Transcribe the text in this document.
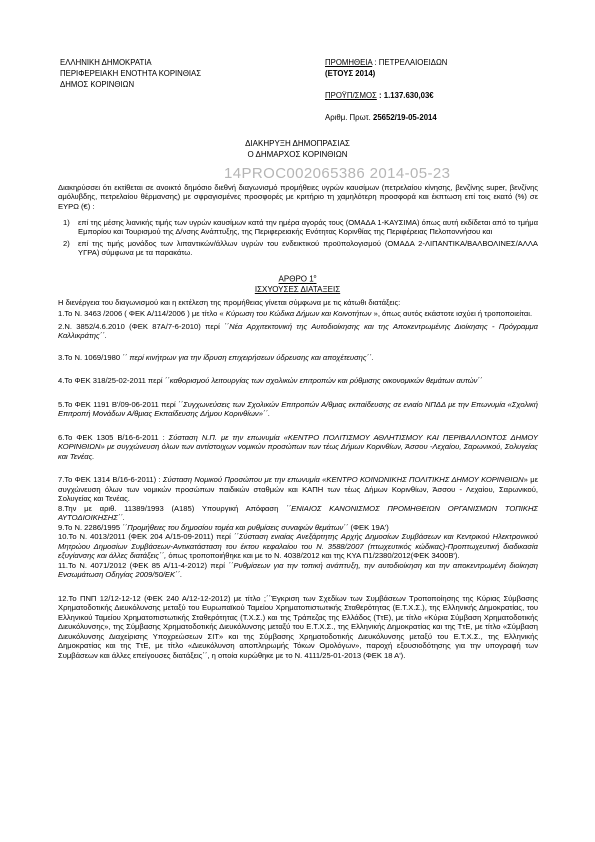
ΕΛΛΗΝΙΚΗ ΔΗΜΟΚΡΑΤΙΑ
ΠΕΡΙΦΕΡΕΙΑΚΗ ΕΝΟΤΗΤΑ ΚΟΡΙΝΘΙΑΣ
ΔΗΜΟΣ ΚΟΡΙΝΘΙΩΝ
ΠΡΟΜΗΘΕΙΑ : ΠΕΤΡΕΛΑΙΟΕΙΔΩΝ
(ΕΤΟΥΣ 2014)
ΠΡΟΫΠ/ΣΜΟΣ : 1.137.630,03€
Αριθμ. Πρωτ. 25652/19-05-2014
ΔΙΑΚΗΡΥΞΗ ΔΗΜΟΠΡΑΣΙΑΣ
Ο ΔΗΜΑΡΧΟΣ ΚΟΡΙΝΘΙΩΝ
14PROC002065386 2014-05-23
Διακηρύσσει ότι εκτίθεται σε ανοικτό δημόσιο διεθνή διαγωνισμό προμήθειες υγρών καυσίμων (πετρελαίου κίνησης, βενζίνης super, βενζίνης αμόλυβδης, πετρελαίου θέρμανσης) με σφραγισμένες προσφορές με κριτήριο τη χαμηλότερη προσφορά και έκπτωση επί τοις εκατό (%) σε ΕΥΡΩ (€) :
1) επί της μέσης λιανικής τιμής των υγρών καυσίμων κατά την ημέρα αγοράς τους (ΟΜΑΔΑ 1-ΚΑΥΣΙΜΑ) όπως αυτή εκδίδεται από το τμήμα Εμπορίου και Τουρισμού της Δ/νσης Ανάπτυξης, της Περιφερειακής Ενότητας Κορινθίας της Περιφέρειας Πελοποννήσου και
2) επί της τιμής μονάδος των λιπαντικών/άλλων υγρών του ενδεικτικού προϋπολογισμού (ΟΜΑΔΑ 2-ΛΙΠΑΝΤΙΚΑ/ΒΑΛΒΟΛΙΝΕΣ/ΑΛΛΑ ΥΓΡΑ) σύμφωνα με τα παρακάτω.
ΑΡΘΡΟ $1^o$
ΙΣΧΥΟΥΣΕΣ ΔΙΑΤΑΞΕΙΣ

Η διενέργεια του διαγωνισμού και η εκτέλεση της προμήθειας γίνεται σύμφωνα με τις κάτωθι διατάξεις:

1.Το Ν. 3463 /2006 ( ΦΕΚ Α/114/2006 ) με τίτλο « Κύρωση του Κώδικα Δήμων και Κοινοτήτων », όπως αυτός εκάστοτε ισχύει ή τροποποιείται.

2.Ν. 3852/4.6.2010 (ΦΕΚ 87Α/7-6-2010) περί ΄΄Νέα Αρχιτεκτονική της Αυτοδιοίκησης και της Αποκεντρωμένης Διοίκησης - Πρόγραμμα Καλλικράτης΄΄.

3.Το Ν. 1069/1980 ΄΄ περί κινήτρων για την ίδρυση επιχειρήσεων ύδρευσης και αποχέτευσης΄΄.

4.Το ΦΕΚ 318/25-02-2011 περί ΄΄καθορισμού λειτουργίας των σχολικών επιτροπών και ρύθμισης οικονομικών θεμάτων αυτών΄΄

5.Το ΦΕΚ 1191 Β'/09-06-2011 περί ΄΄Συγχωνεύσεις των Σχολικών Επιτροπών Α/θμιας εκπαίδευσης σε ενιαίο ΝΠΔΔ με την Επωνυμία «Σχολική Επιτροπή Μονάδων Α/θμιας Εκπαίδευσης Δήμου Κορινθίων»΄΄.

6.Το ΦΕΚ 1305 Β/16-6-2011 : Σύσταση Ν.Π. με την επωνυμία «ΚΕΝΤΡΟ ΠΟΛΙΤΙΣΜΟΥ ΑΘΛΗΤΙΣΜΟΥ ΚΑΙ ΠΕΡΙΒΑΛΛΟΝΤΟΣ ΔΗΜΟΥ ΚΟΡΙΝΘΙΩΝ» με συγχώνευση όλων των αντίστοιχων νομικών προσώπων των τέως Δήμων Κορινθίων, Άσσου -Λεχαίου, Σαρωνικού, Σολυγείας και Τενέας.

7.Το ΦΕΚ 1314 Β/16-6-2011) : Σύσταση Νομικού Προσώπου με την επωνυμία «ΚΕΝΤΡΟ ΚΟΙΝΩΝΙΚΗΣ ΠΟΛΙΤΙΚΗΣ ΔΗΜΟΥ ΚΟΡΙΝΘΙΩΝ» με συγχώνευση όλων των νομικών προσώπων παιδικών σταθμών και ΚΑΠΗ των τέως Δήμων Κορινθίων, Άσσου - Λεχαίου, Σαρωνικού, Σολυγείας και Τενέας.

8.Την με αριθ. 11389/1993 (Α185) Υπουργική Απόφαση ΄΄ΕΝΙΑΙΟΣ ΚΑΝΟΝΙΣΜΟΣ ΠΡΟΜΗΘΕΙΩΝ ΟΡΓΑΝΙΣΜΩΝ ΤΟΠΙΚΗΣ ΑΥΤΟΔΙΟΙΚΗΣΗΣ΄΄.

9.Το Ν. 2286/1995 ΄΄Προμήθειες του δημοσίου τομέα και ρυθμίσεις συναφών θεμάτων΄΄ (ΦΕΚ 19Α')

10.Το Ν. 4013/2011 (ΦΕΚ 204 Α/15-09-2011) περί ΄΄Σύσταση ενιαίας Ανεξάρτητης Αρχής Δημοσίων Συμβάσεων και Κεντρικού Ηλεκτρονικού Μητρώου Δημοσίων Συμβάσεων-Αντικατάσταση του έκτου κεφαλαίου του Ν. 3588/2007 (πτωχευτικός κώδικας)-Προπτωχευτική διαδικασία εξυγίανσης και άλλες διατάξεις΄΄, όπως τροποποιήθηκε και με το Ν. 4038/2012 και της ΚΥΑ Π1/2380/2012(ΦΕΚ 3400Β').

11.Το Ν. 4071/2012 (ΦΕΚ 85 Α/11-4-2012) περί ΄΄Ρυθμίσεων για την τοπική ανάπτυξη, την αυτοδιοίκηση και την αποκεντρωμένη διοίκηση Ενσωμάτωση Οδηγίας 2009/50/ΕΚ΄΄.

12.Το ΠΝΠ 12/12-12-12 (ΦΕΚ 240 Α/12-12-2012) με τίτλο ;΄΄Έγκριση των Σχεδίων των Συμβάσεων Τροποποίησης της Κύριας Σύμβασης Χρηματοδοτικής Διευκόλυνσης μεταξύ του Ευρωπαϊκού Ταμείου Χρηματοπιστωτικής Σταθερότητας (Ε.Τ.Χ.Σ.), της Ελληνικής Δημοκρατίας, του Ελληνικού Ταμείου Χρηματοπιστωτικής Σταθερότητας (Τ.Χ.Σ.) και της Τράπεζας της Ελλάδος (ΤτΕ), με τίτλο «Κύρια Σύμβαση Χρηματοδοτικής Διευκόλυνσης», της Σύμβασης Χρηματοδοτικής Διευκόλυνσης μεταξύ του Ε.Τ.Χ.Σ., της Ελληνικής Δημοκρατίας και της ΤτΕ, με τίτλο «Σύμβαση Διευκόλυνσης Διαχείρισης Υποχρεώσεων ΣΙΤ» και της Σύμβασης Χρηματοδοτικής Διευκόλυνσης μεταξύ του Ε.Τ.Χ.Σ., της Ελληνικής Δημοκρατίας και της ΤτΕ, με τίτλο «Διευκόλυνση αποπληρωμής Τόκων Ομολόγων», παροχή εξουσιοδότησης για την υπογραφή των Συμβάσεων και άλλες επείγουσες διατάξεις΄΄, η οποία κυρώθηκε με το Ν. 4111/25-01-2013 (ΦΕΚ 18 Α').
